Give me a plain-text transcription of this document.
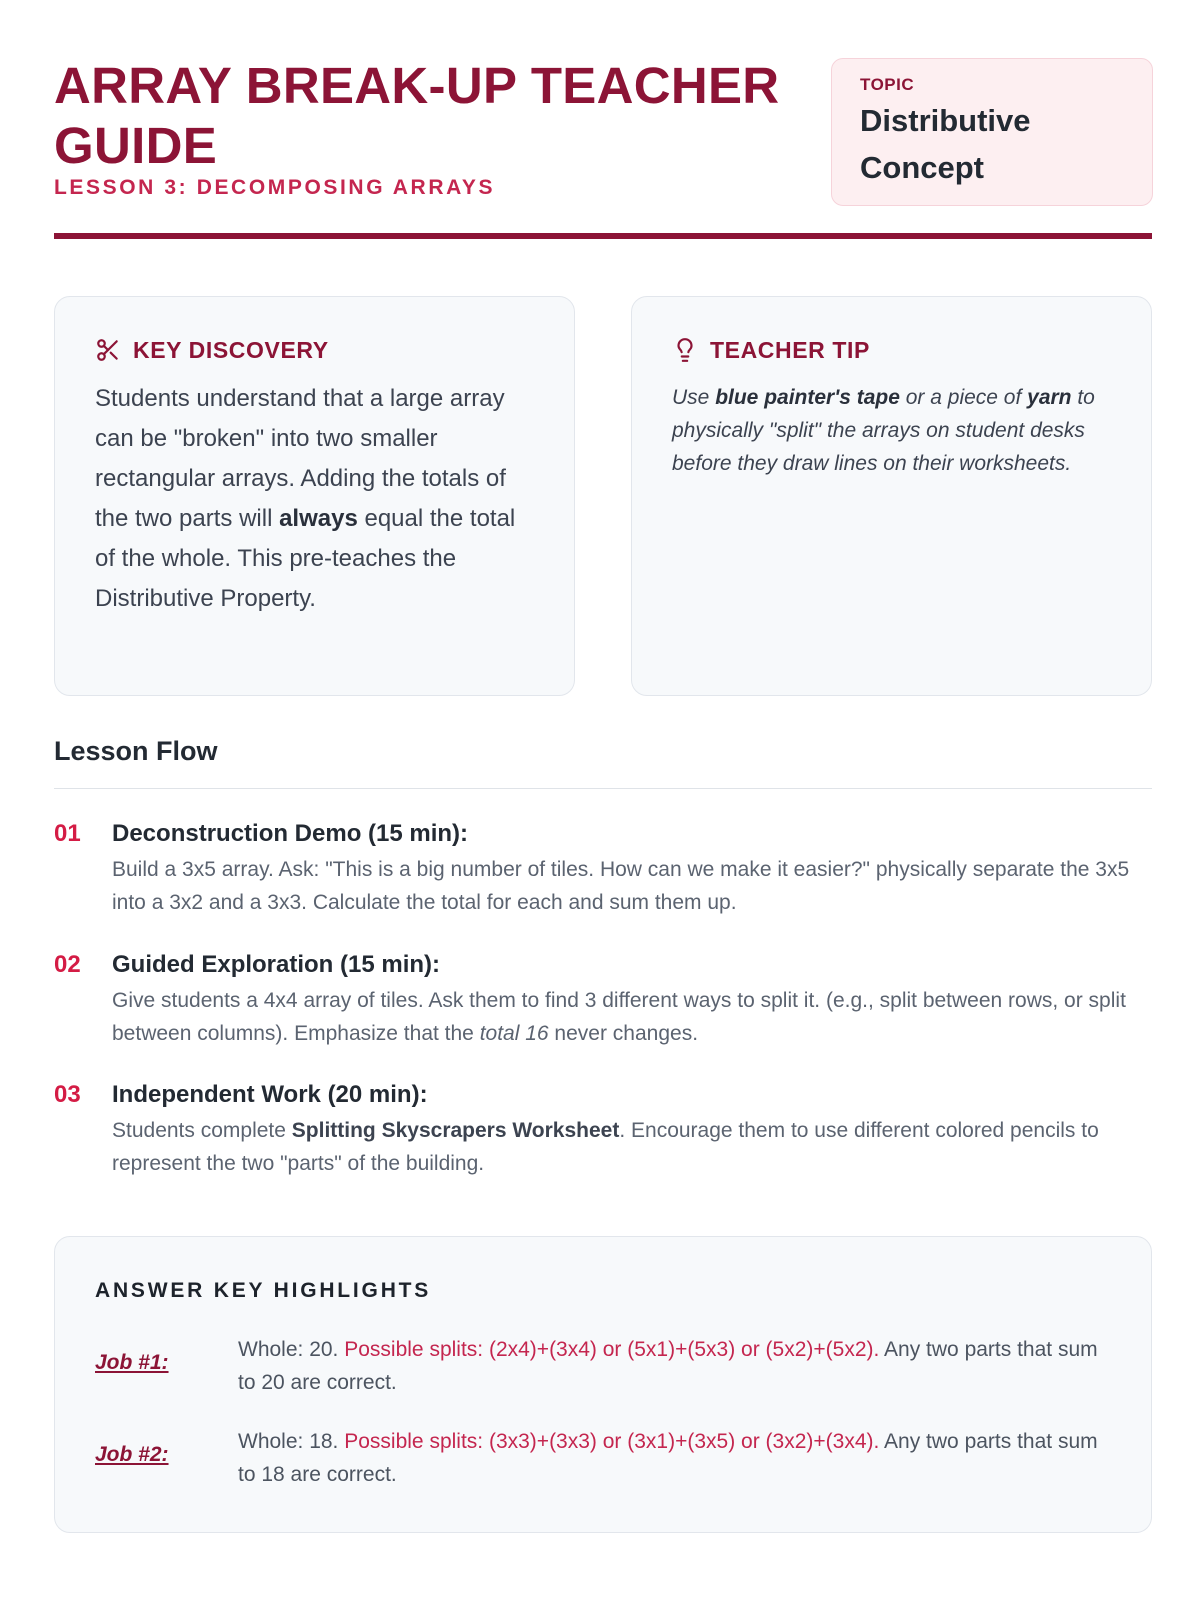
ARRAY BREAK-UP TEACHER GUIDE
LESSON 3: DECOMPOSING ARRAYS
TOPIC
Distributive Concept
KEY DISCOVERY

Students understand that a large array can be "broken" into two smaller rectangular arrays. Adding the totals of the two parts will always equal the total of the whole. This pre-teaches the Distributive Property.

TEACHER TIP

Use blue painter's tape or a piece of yarn to physically "split" the arrays on student desks before they draw lines on their worksheets.

Lesson Flow
01 Deconstruction Demo (15 min):

Build a 3x5 array. Ask: "This is a big number of tiles. How can we make it easier?" physically separate the 3x5 into a 3x2 and a 3x3. Calculate the total for each and sum them up.

02 Guided Exploration (15 min):

Give students a 4x4 array of tiles. Ask them to find 3 different ways to split it. (e.g., split between rows, or split between columns). Emphasize that the total 16 never changes.

03 Independent Work (20 min):

Students complete Splitting Skyscrapers Worksheet. Encourage them to use different colored pencils to represent the two "parts" of the building.

ANSWER KEY HIGHLIGHTS
Job #1:

Whole: 20. Possible splits: (2x4)+(3x4) or (5x1)+(5x3) or (5x2)+(5x2). Any two parts that sum to 20 are correct.

Job #2:

Whole: 18. Possible splits: (3x3)+(3x3) or (3x1)+(3x5) or (3x2)+(3x4). Any two parts that sum to 18 are correct.
